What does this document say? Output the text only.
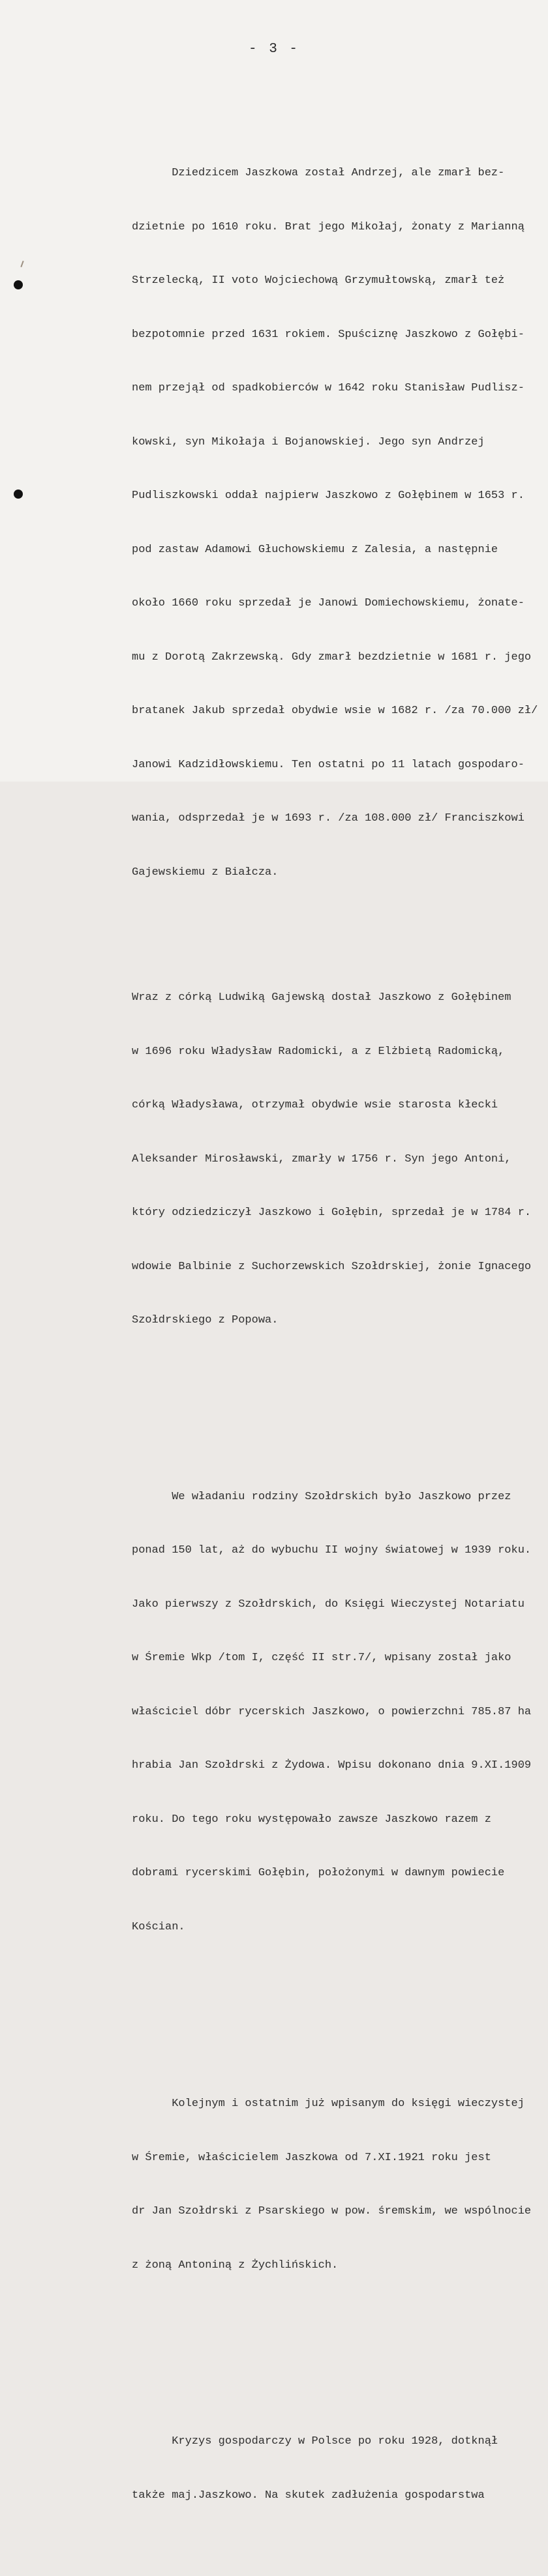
- 3 -

Dziedzicem Jaszkowa został Andrzej, ale zmarł bez-

dzietnie po 1610 roku. Brat jego Mikołaj, żonaty z Marianną

Strzelecką, II voto Wojciechową Grzymułtowską, zmarł też

bezpotomnie przed 1631 rokiem. Spuściznę Jaszkowo z Gołębi-

nem przejął od spadkobierców w 1642 roku Stanisław Pudlisz-

kowski, syn Mikołaja i Bojanowskiej. Jego syn Andrzej

Pudliszkowski oddał najpierw Jaszkowo z Gołębinem w 1653 r.

pod zastaw Adamowi Głuchowskiemu z Zalesia, a następnie

około 1660 roku sprzedał je Janowi Domiechowskiemu, żonate-

mu z Dorotą Zakrzewską. Gdy zmarł bezdzietnie w 1681 r. jego

bratanek Jakub sprzedał obydwie wsie w 1682 r. /za 70.000 zł/

Janowi Kadzidłowskiemu. Ten ostatni po 11 latach gospodaro-

wania, odsprzedał je w 1693 r. /za 108.000 zł/ Franciszkowi

Gajewskiemu z Białcza.

Wraz z córką Ludwiką Gajewską dostał Jaszkowo z Gołębinem

w 1696 roku Władysław Radomicki, a z Elżbietą Radomicką,

córką Władysława, otrzymał obydwie wsie starosta kłecki

Aleksander Mirosławski, zmarły w 1756 r. Syn jego Antoni,

który odziedziczył Jaszkowo i Gołębin, sprzedał je w 1784 r.

wdowie Balbinie z Suchorzewskich Szołdrskiej, żonie Ignacego

Szołdrskiego z Popowa.

We władaniu rodziny Szołdrskich było Jaszkowo przez

ponad 150 lat, aż do wybuchu II wojny światowej w 1939 roku.

Jako pierwszy z Szołdrskich, do Księgi Wieczystej Notariatu

w Śremie Wkp /tom I, część II str.7/, wpisany został jako

właściciel dóbr rycerskich Jaszkowo, o powierzchni 785.87 ha

hrabia Jan Szołdrski z Żydowa. Wpisu dokonano dnia 9.XI.1909

roku. Do tego roku występowało zawsze Jaszkowo razem z

dobrami rycerskimi Gołębin, położonymi w dawnym powiecie

Kościan.

Kolejnym i ostatnim już wpisanym do księgi wieczystej

w Śremie, właścicielem Jaszkowa od 7.XI.1921 roku jest

dr Jan Szołdrski z Psarskiego w pow. śremskim, we wspólnocie

z żoną Antoniną z Żychlińskich.

Kryzys gospodarczy w Polsce po roku 1928, dotknął

także maj.Jaszkowo. Na skutek zadłużenia gospodarstwa
